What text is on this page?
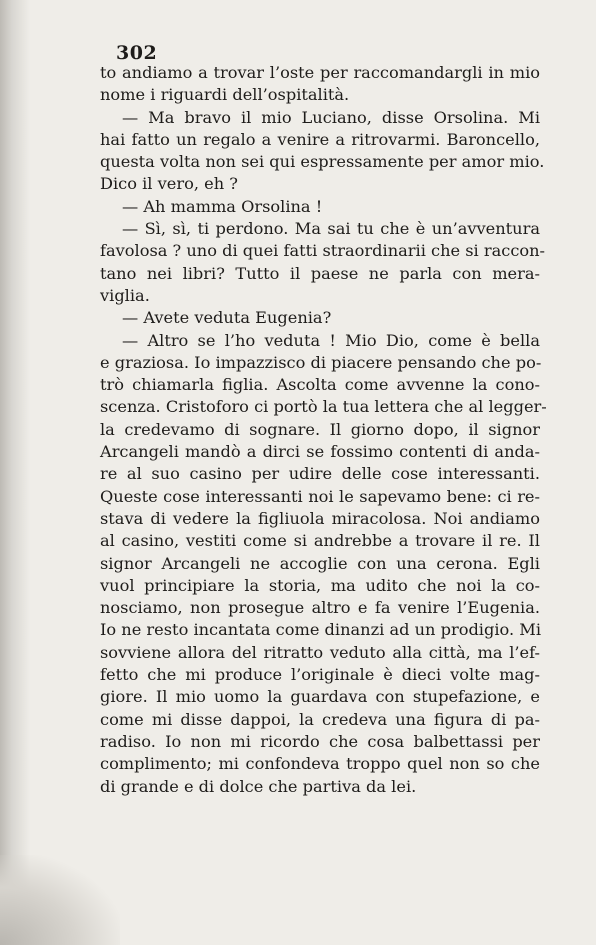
302
to andiamo a trovar l’oste per raccomandargli in mio
nome i riguardi dell’ospitalità.
— Ma bravo il mio Luciano, disse Orsolina. Mi
hai fatto un regalo a venire a ritrovarmi. Baroncello,
questa volta non sei qui espressamente per amor mio.
Dico il vero, eh ?
— Ah mamma Orsolina !
— Sì, sì, ti perdono. Ma sai tu che è un’avventura
favolosa ? uno di quei fatti straordinarii che si raccon-
tano nei libri? Tutto il paese ne parla con mera-
viglia.
— Avete veduta Eugenia?
— Altro se l’ho veduta ! Mio Dio, come è bella
e graziosa. Io impazzisco di piacere pensando che po-
trò chiamarla figlia. Ascolta come avvenne la cono-
scenza. Cristoforo ci portò la tua lettera che al legger-
la credevamo di sognare. Il giorno dopo, il signor
Arcangeli mandò a dirci se fossimo contenti di anda-
re al suo casino per udire delle cose interessanti.
Queste cose interessanti noi le sapevamo bene: ci re-
stava di vedere la figliuola miracolosa. Noi andiamo
al casino, vestiti come si andrebbe a trovare il re. Il
signor Arcangeli ne accoglie con una cerona. Egli
vuol principiare la storia, ma udito che noi la co-
nosciamo, non prosegue altro e fa venire l’Eugenia.
Io ne resto incantata come dinanzi ad un prodigio. Mi
sovviene allora del ritratto veduto alla città, ma l’ef-
fetto che mi produce l’originale è dieci volte mag-
giore. Il mio uomo la guardava con stupefazione, e
come mi disse dappoi, la credeva una figura di pa-
radiso. Io non mi ricordo che cosa balbettassi per
complimento; mi confondeva troppo quel non so che
di grande e di dolce che partiva da lei.
